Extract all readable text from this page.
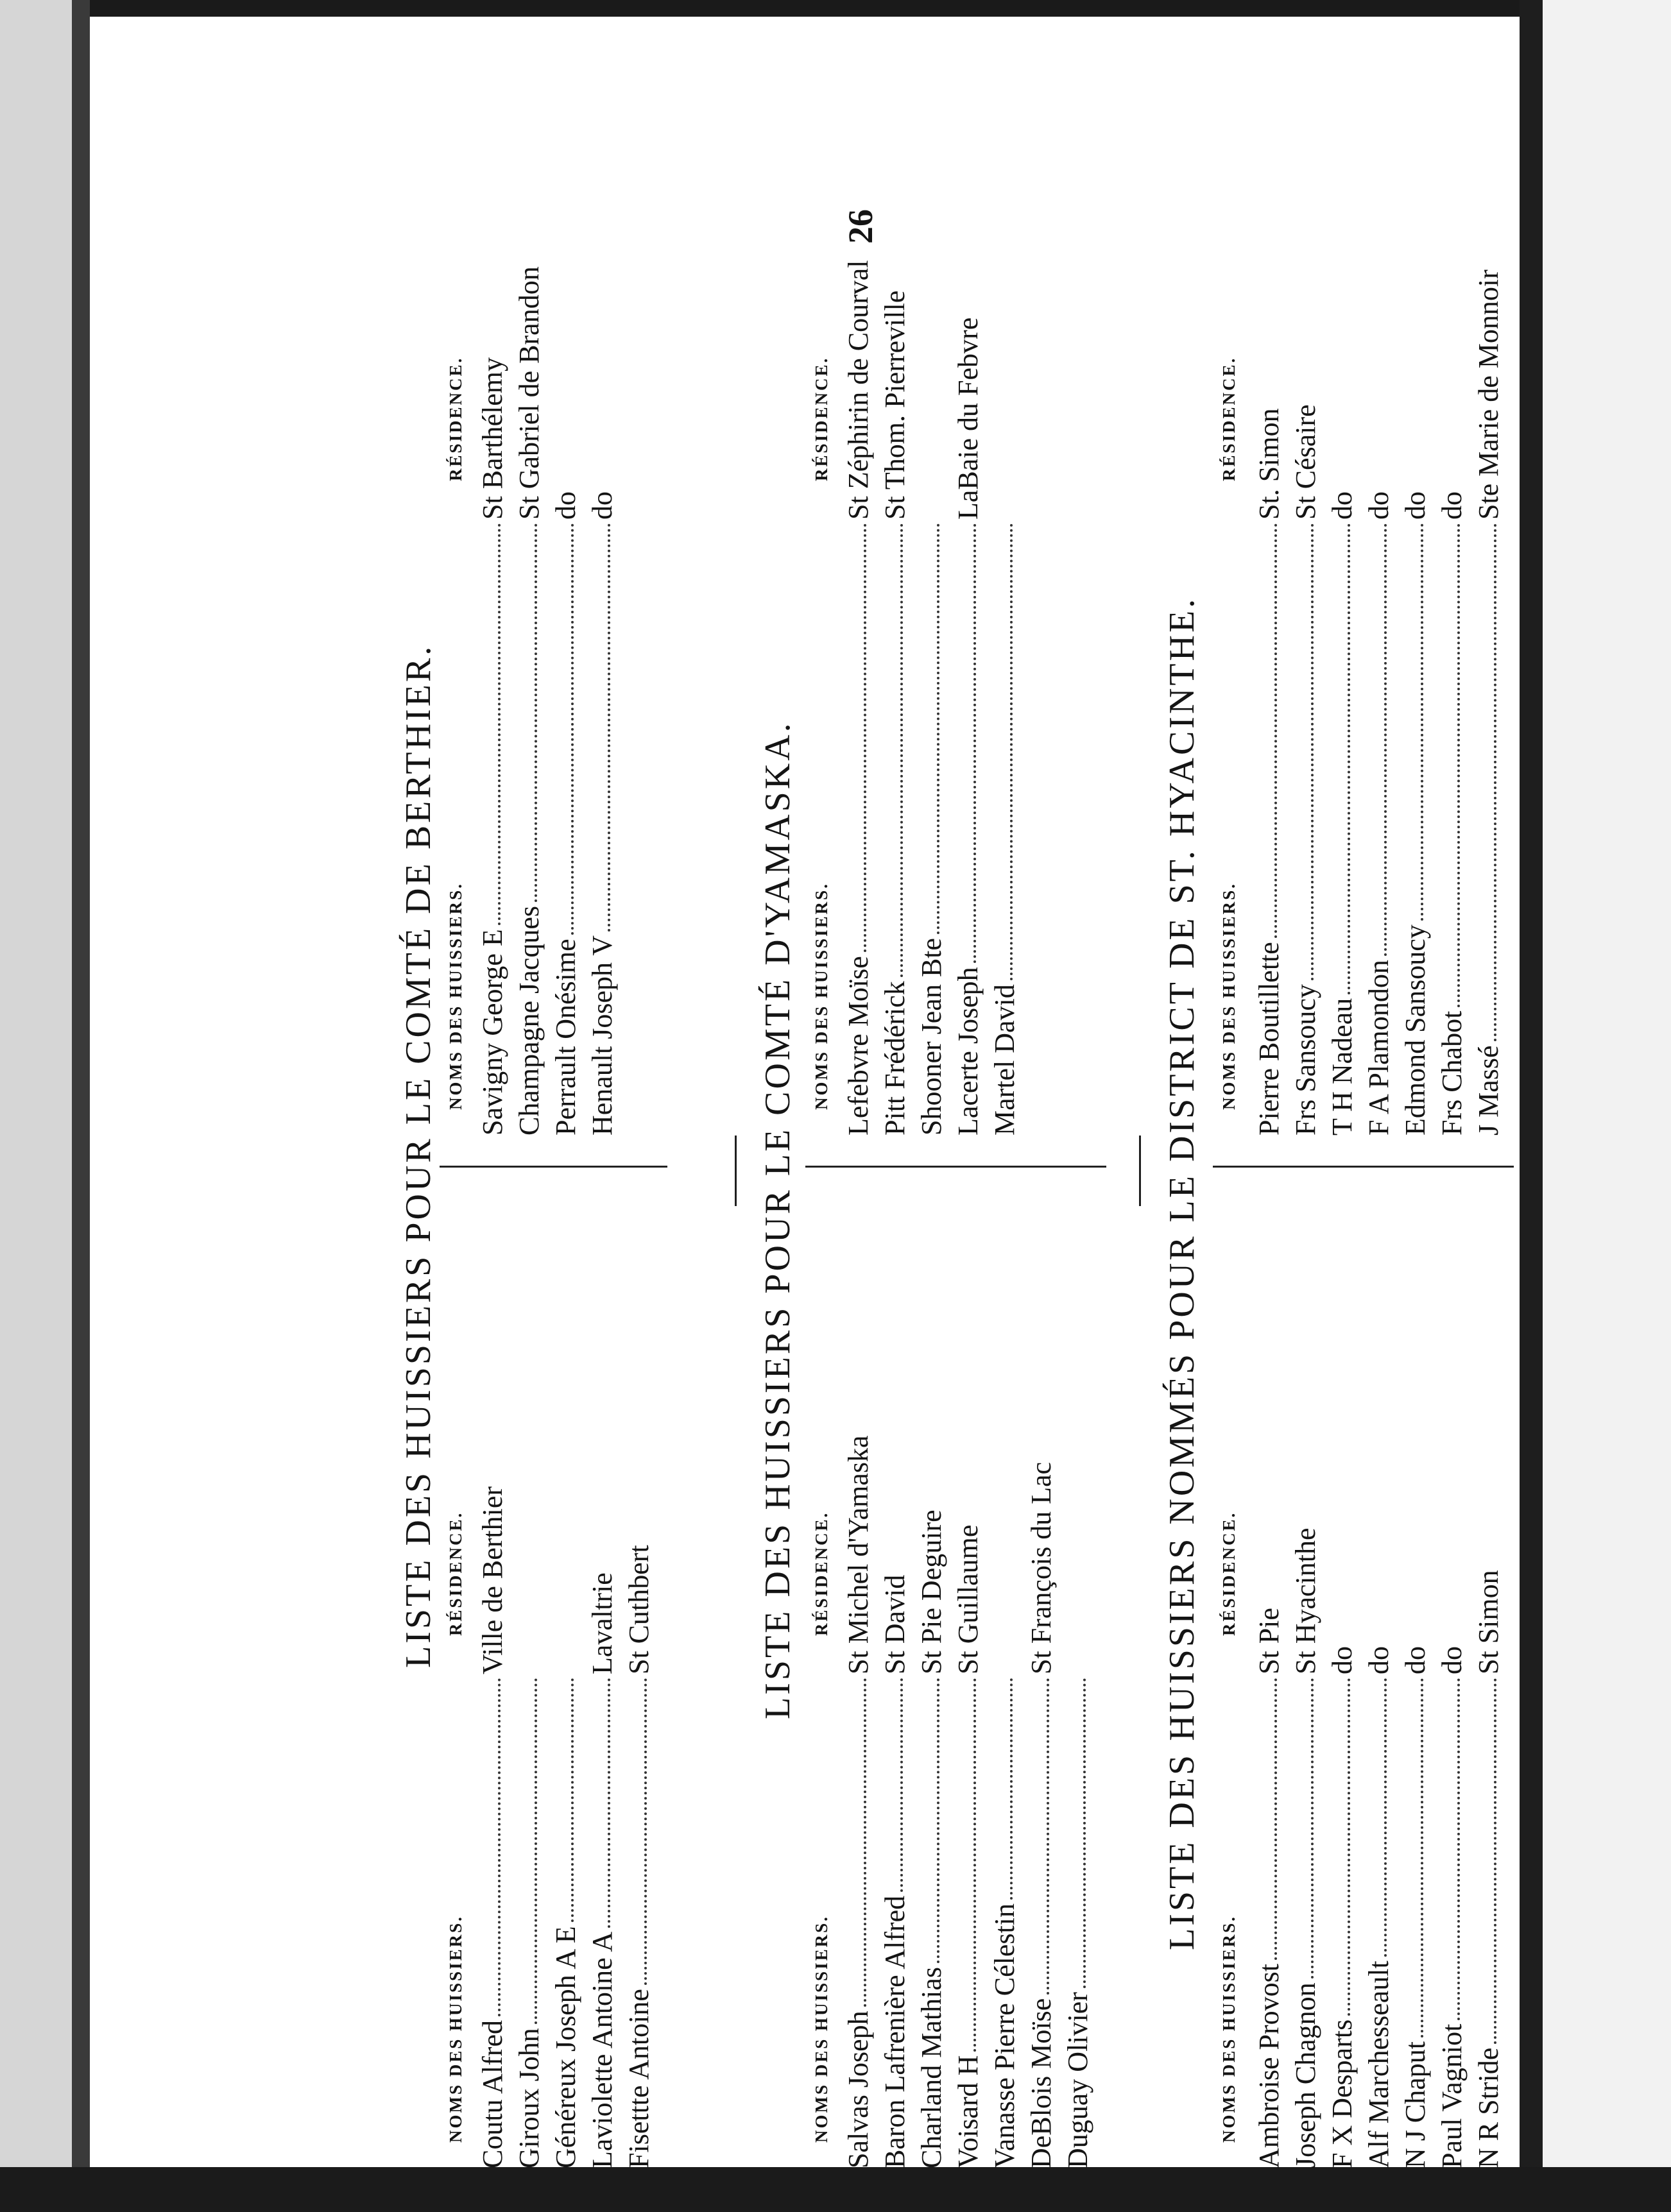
26
LISTE DES HUISSIERS POUR LE COMTÉ DE BERTHIER.
NOMS DES HUISSIERS.
RÉSIDENCE.
Coutu Alfred
Ville de Berthier
Giroux John Généreux Joseph A E Laviolette Antoine A
Lavaltrie
Fisettte Antoine
St Cuthbert
NOMS DES HUISSIERS.
RÉSIDENCE.
Savigny George E
St Barthélemy
Champagne Jacques
St Gabriel de Brandon
Perrault Onésime
do
Henault Joseph V
do
LISTE DES HUISSIERS POUR LE COMTÉ D'YAMASKA.
NOMS DES HUISSIERS.
RÉSIDENCE.
Salvas Joseph
St Michel d'Yamaska
Baron Lafrenière Alfred
St David
Charland Mathias
St Pie Deguire
Voisard H
St Guillaume
Vanasse Pierre Célestin DeBlois Moïse
St François du Lac
Duguay Olivier
NOMS DES HUISSIERS.
RÉSIDENCE.
Lefebvre Moïse
St Zéphirin de Courval
Pitt Frédérick
St Thom. Pierreville
Shooner Jean Bte Lacerte Joseph
LaBaie du Febvre
Martel David	LISTE DES HUISSIERS NOMMÉS POUR LE DISTRICT DE ST. HYACINTHE.
NOMS DES HUISSIERS.
RÉSIDENCE.
Ambroise Provost
St Pie
Joseph Chagnon
St Hyacinthe
F X Desparts
do
Alf Marchesseault
do
N J Chaput
do
Paul Vagniot
do
N R Stride
St Simon
NOMS DES HUISSIERS.
RÉSIDENCE.
Pierre Boutillette
St. Simon
Frs Sansoucy
St Césaire
T H Nadeau
do
F A Plamondon
do
Edmond Sansoucy
do
Frs Chabot
do
J Massé
Ste Marie de Monnoir
